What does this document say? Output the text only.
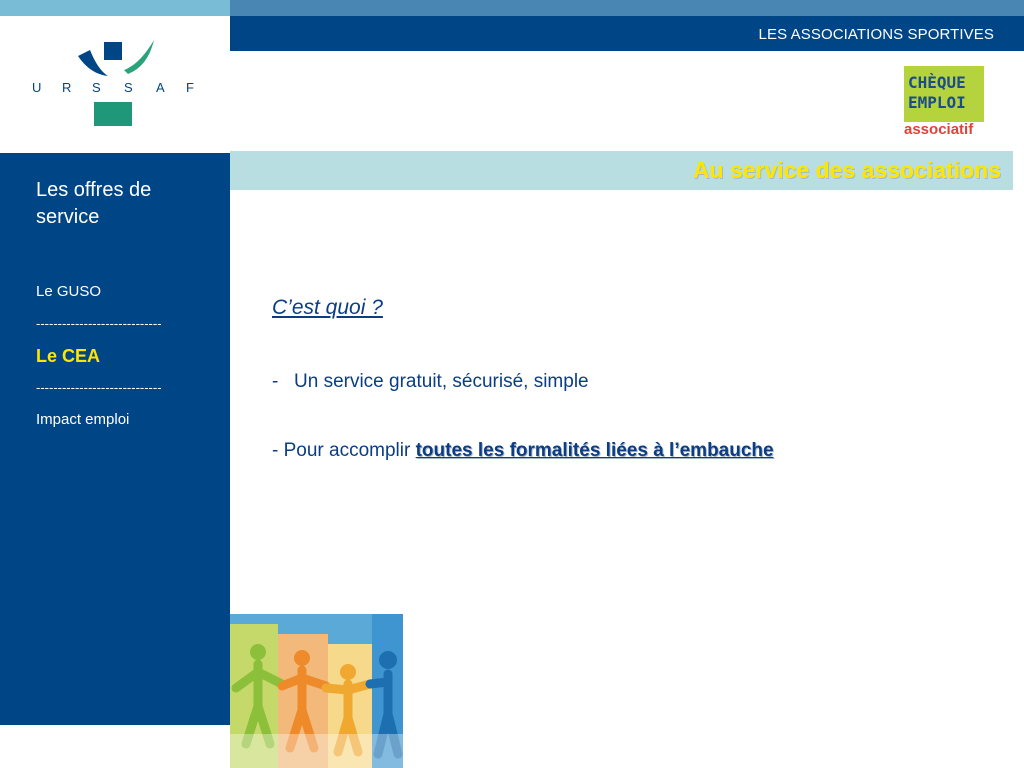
LES ASSOCIATIONS SPORTIVES
U R S S A F	CHÈQUE
EMPLOI
associatif
Les offres de service
Le GUSO
-----------------------------
Le CEA
-----------------------------
Impact emploi
Au service des associations
C’est quoi ?
- Un service gratuit, sécurisé, simple
- Pour accomplir toutes les formalités liées à l’embauche
